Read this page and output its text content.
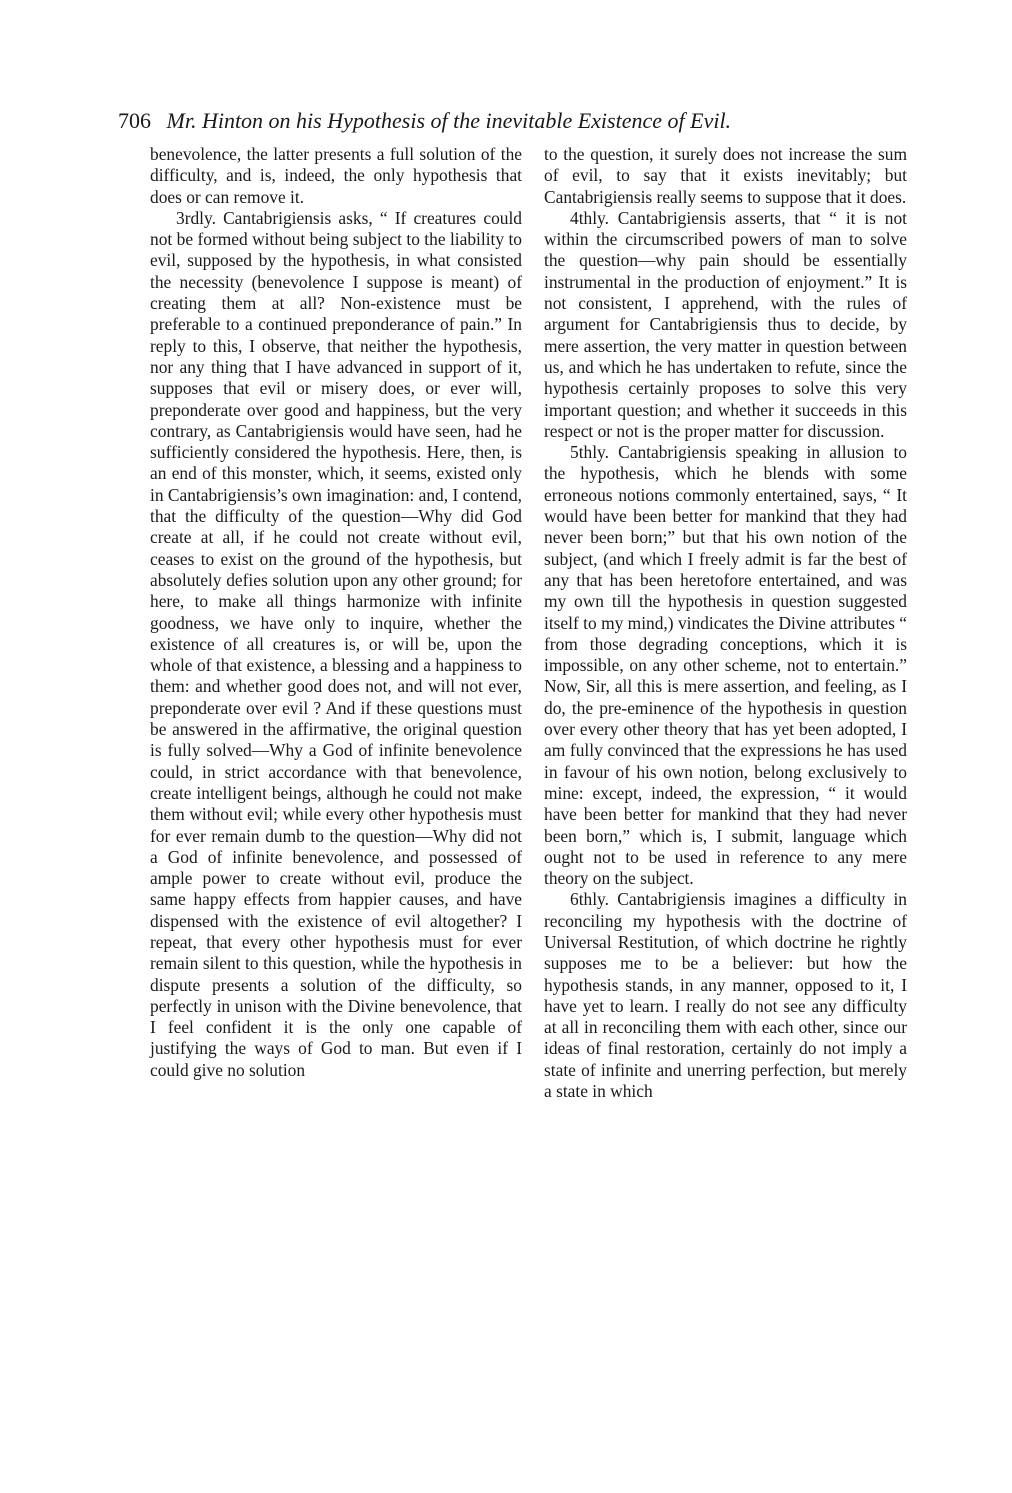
706 Mr. Hinton on his Hypothesis of the inevitable Existence of Evil.

benevolence, the latter presents a full solution of the difficulty, and is, indeed, the only hypothesis that does or can remove it.

3rdly. Cantabrigiensis asks, “ If creatures could not be formed without being subject to the liability to evil, supposed by the hypothesis, in what consisted the necessity (benevolence I suppose is meant) of creating them at all? Non-existence must be preferable to a continued preponderance of pain.” In reply to this, I observe, that neither the hypothesis, nor any thing that I have advanced in support of it, supposes that evil or misery does, or ever will, preponderate over good and happiness, but the very contrary, as Cantabrigiensis would have seen, had he sufficiently considered the hypothesis. Here, then, is an end of this monster, which, it seems, existed only in Cantabrigiensis’s own imagination: and, I contend, that the difficulty of the question—Why did God create at all, if he could not create without evil, ceases to exist on the ground of the hypothesis, but absolutely defies solution upon any other ground; for here, to make all things harmonize with infinite goodness, we have only to inquire, whether the existence of all creatures is, or will be, upon the whole of that existence, a blessing and a happiness to them: and whether good does not, and will not ever, preponderate over evil ? And if these questions must be answered in the affirmative, the original question is fully solved—Why a God of infinite benevolence could, in strict accordance with that benevolence, create intelligent beings, although he could not make them without evil; while every other hypothesis must for ever remain dumb to the question—Why did not a God of infinite benevolence, and possessed of ample power to create without evil, produce the same happy effects from happier causes, and have dispensed with the existence of evil altogether? I repeat, that every other hypothesis must for ever remain silent to this question, while the hypothesis in dispute presents a solution of the difficulty, so perfectly in unison with the Divine benevolence, that I feel confident it is the only one capable of justifying the ways of God to man. But even if I could give no solution

to the question, it surely does not increase the sum of evil, to say that it exists inevitably; but Cantabrigiensis really seems to suppose that it does.

4thly. Cantabrigiensis asserts, that “ it is not within the circumscribed powers of man to solve the question—why pain should be essentially instrumental in the production of enjoyment.” It is not consistent, I apprehend, with the rules of argument for Cantabrigiensis thus to decide, by mere assertion, the very matter in question between us, and which he has undertaken to refute, since the hypothesis certainly proposes to solve this very important question; and whether it succeeds in this respect or not is the proper matter for discussion.

5thly. Cantabrigiensis speaking in allusion to the hypothesis, which he blends with some erroneous notions commonly entertained, says, “ It would have been better for mankind that they had never been born;” but that his own notion of the subject, (and which I freely admit is far the best of any that has been heretofore entertained, and was my own till the hypothesis in question suggested itself to my mind,) vindicates the Divine attributes “ from those degrading conceptions, which it is impossible, on any other scheme, not to entertain.” Now, Sir, all this is mere assertion, and feeling, as I do, the pre-eminence of the hypothesis in question over every other theory that has yet been adopted, I am fully convinced that the expressions he has used in favour of his own notion, belong exclusively to mine: except, indeed, the expression, “ it would have been better for mankind that they had never been born,” which is, I submit, language which ought not to be used in reference to any mere theory on the subject.

6thly. Cantabrigiensis imagines a difficulty in reconciling my hypothesis with the doctrine of Universal Restitution, of which doctrine he rightly supposes me to be a believer: but how the hypothesis stands, in any manner, opposed to it, I have yet to learn. I really do not see any difficulty at all in reconciling them with each other, since our ideas of final restoration, certainly do not imply a state of infinite and unerring perfection, but merely a state in which
